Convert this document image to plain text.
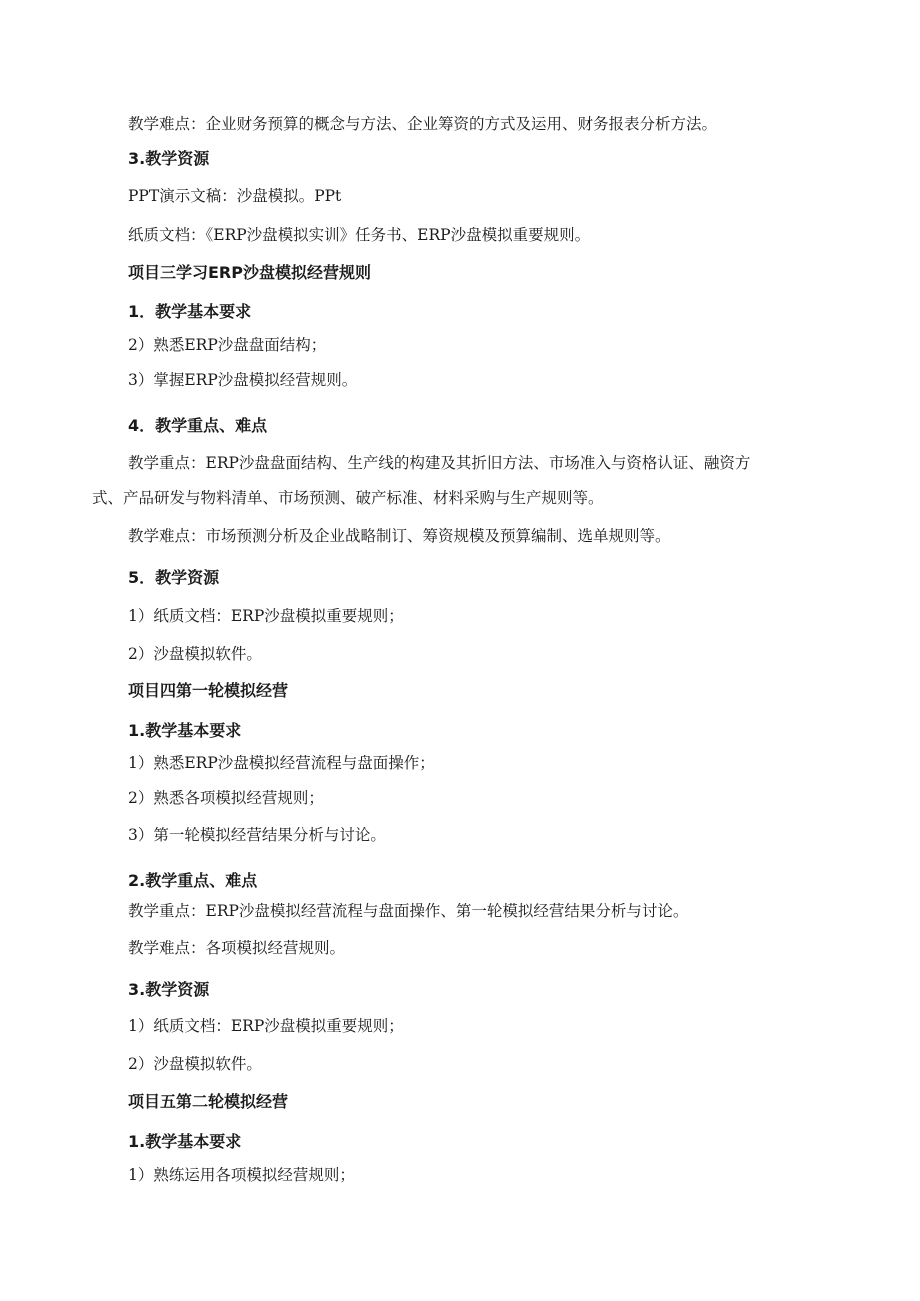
教学难点：企业财务预算的概念与方法、企业筹资的方式及运用、财务报表分析方法。

3.教学资源

PPT演示文稿：沙盘模拟。PPt

纸质文档：《ERP沙盘模拟实训》任务书、ERP沙盘模拟重要规则。

项目三学习ERP沙盘模拟经营规则

1．教学基本要求

2）熟悉ERP沙盘盘面结构；

3）掌握ERP沙盘模拟经营规则。

4．教学重点、难点

教学重点：ERP沙盘盘面结构、生产线的构建及其折旧方法、市场准入与资格认证、融资方

式、产品研发与物料清单、市场预测、破产标准、材料采购与生产规则等。

教学难点：市场预测分析及企业战略制订、筹资规模及预算编制、选单规则等。

5．教学资源

1）纸质文档：ERP沙盘模拟重要规则；

2）沙盘模拟软件。

项目四第一轮模拟经营

1.教学基本要求

1）熟悉ERP沙盘模拟经营流程与盘面操作；

2）熟悉各项模拟经营规则；

3）第一轮模拟经营结果分析与讨论。

2.教学重点、难点

教学重点：ERP沙盘模拟经营流程与盘面操作、第一轮模拟经营结果分析与讨论。

教学难点：各项模拟经营规则。

3.教学资源

1）纸质文档：ERP沙盘模拟重要规则；

2）沙盘模拟软件。

项目五第二轮模拟经营

1.教学基本要求

1）熟练运用各项模拟经营规则；
